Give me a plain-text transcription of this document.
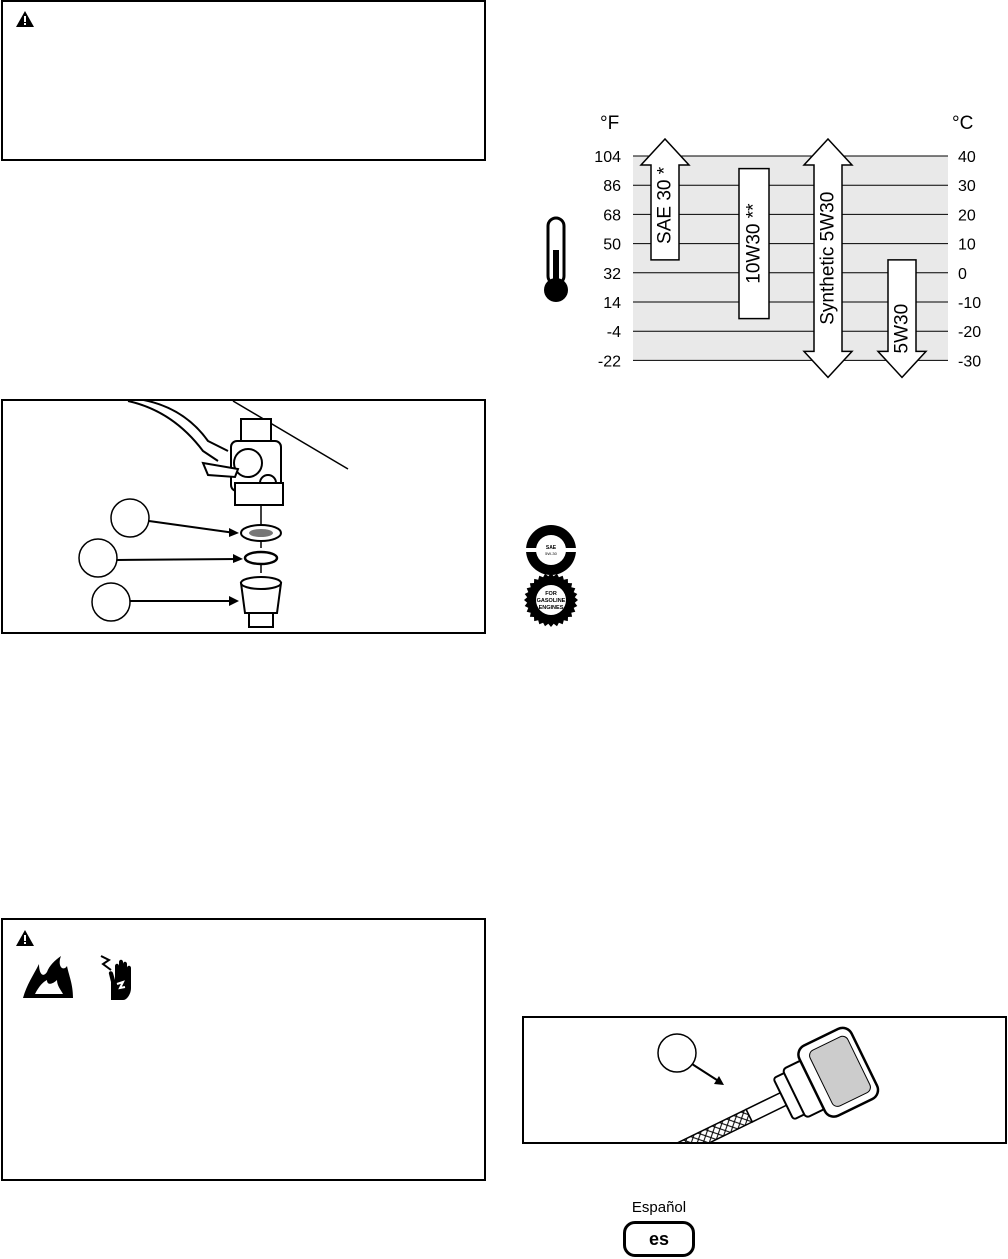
°F	°C
104	40
86	30
68	20
50	10
32	0
14	-10
-4	-20
-22	-30
SAE 30 *	10W30 **	Synthetic 5W30
5W30
SAE
5W-30
FOR
GASOLINE
ENGINES
Español
es
